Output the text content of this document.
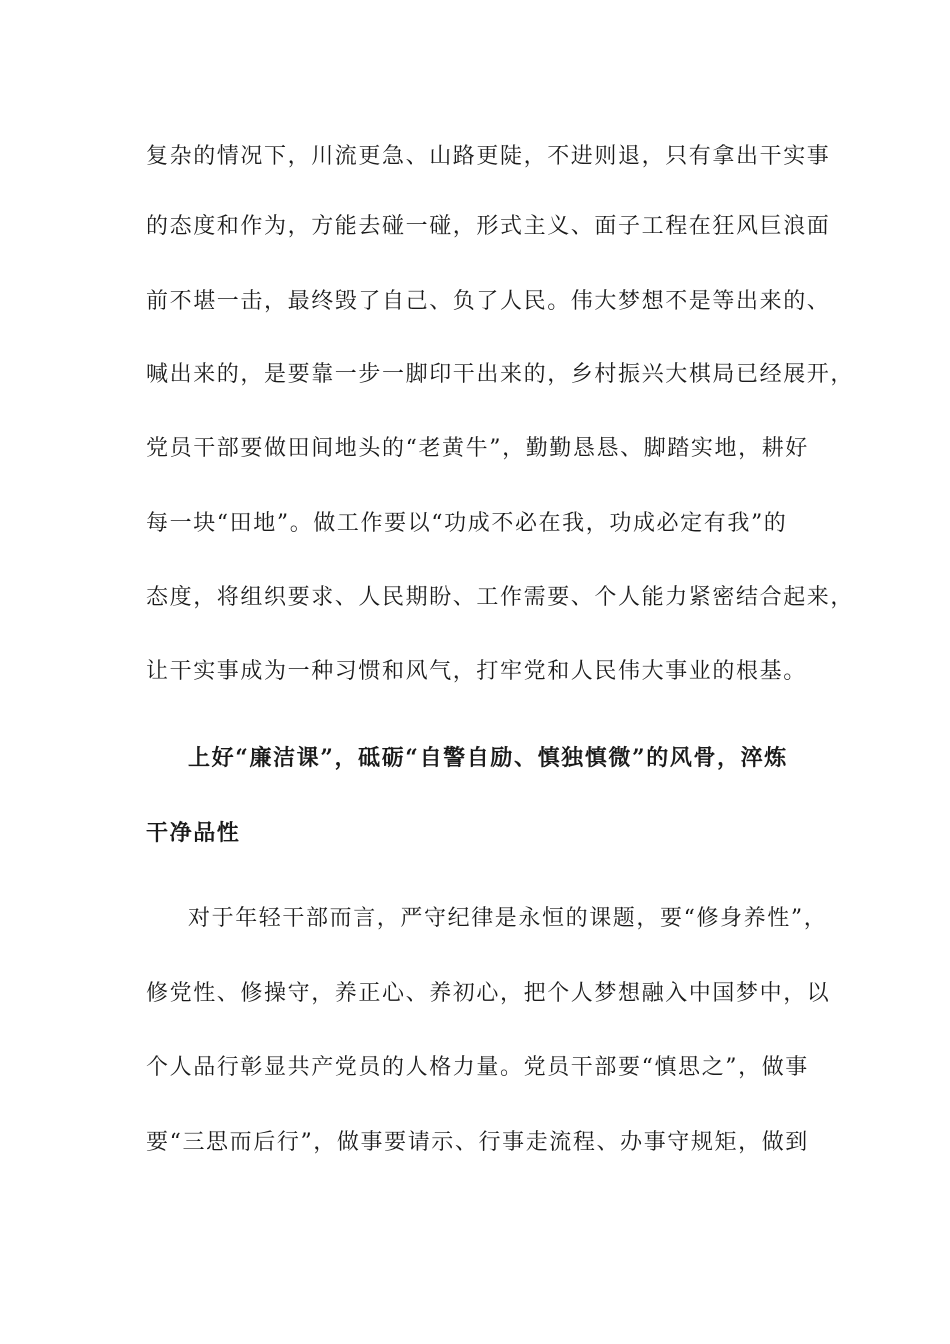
复杂的情况下，川流更急、山路更陡，不进则退，只有拿出干实事
的态度和作为，方能去碰一碰，形式主义、面子工程在狂风巨浪面
前不堪一击，最终毁了自己、负了人民。伟大梦想不是等出来的、
喊出来的，是要靠一步一脚印干出来的，乡村振兴大棋局已经展开，
党员干部要做田间地头的“老黄牛”，勤勤恳恳、脚踏实地，耕好
每一块“田地”。做工作要以“功成不必在我，功成必定有我”的
态度，将组织要求、人民期盼、工作需要、个人能力紧密结合起来，
让干实事成为一种习惯和风气，打牢党和人民伟大事业的根基。
上好“廉洁课”，砥砺“自警自励、慎独慎微”的风骨，淬炼
干净品性
对于年轻干部而言，严守纪律是永恒的课题，要“修身养性”，
修党性、修操守，养正心、养初心，把个人梦想融入中国梦中，以
个人品行彰显共产党员的人格力量。党员干部要“慎思之”，做事
要“三思而后行”，做事要请示、行事走流程、办事守规矩，做到
